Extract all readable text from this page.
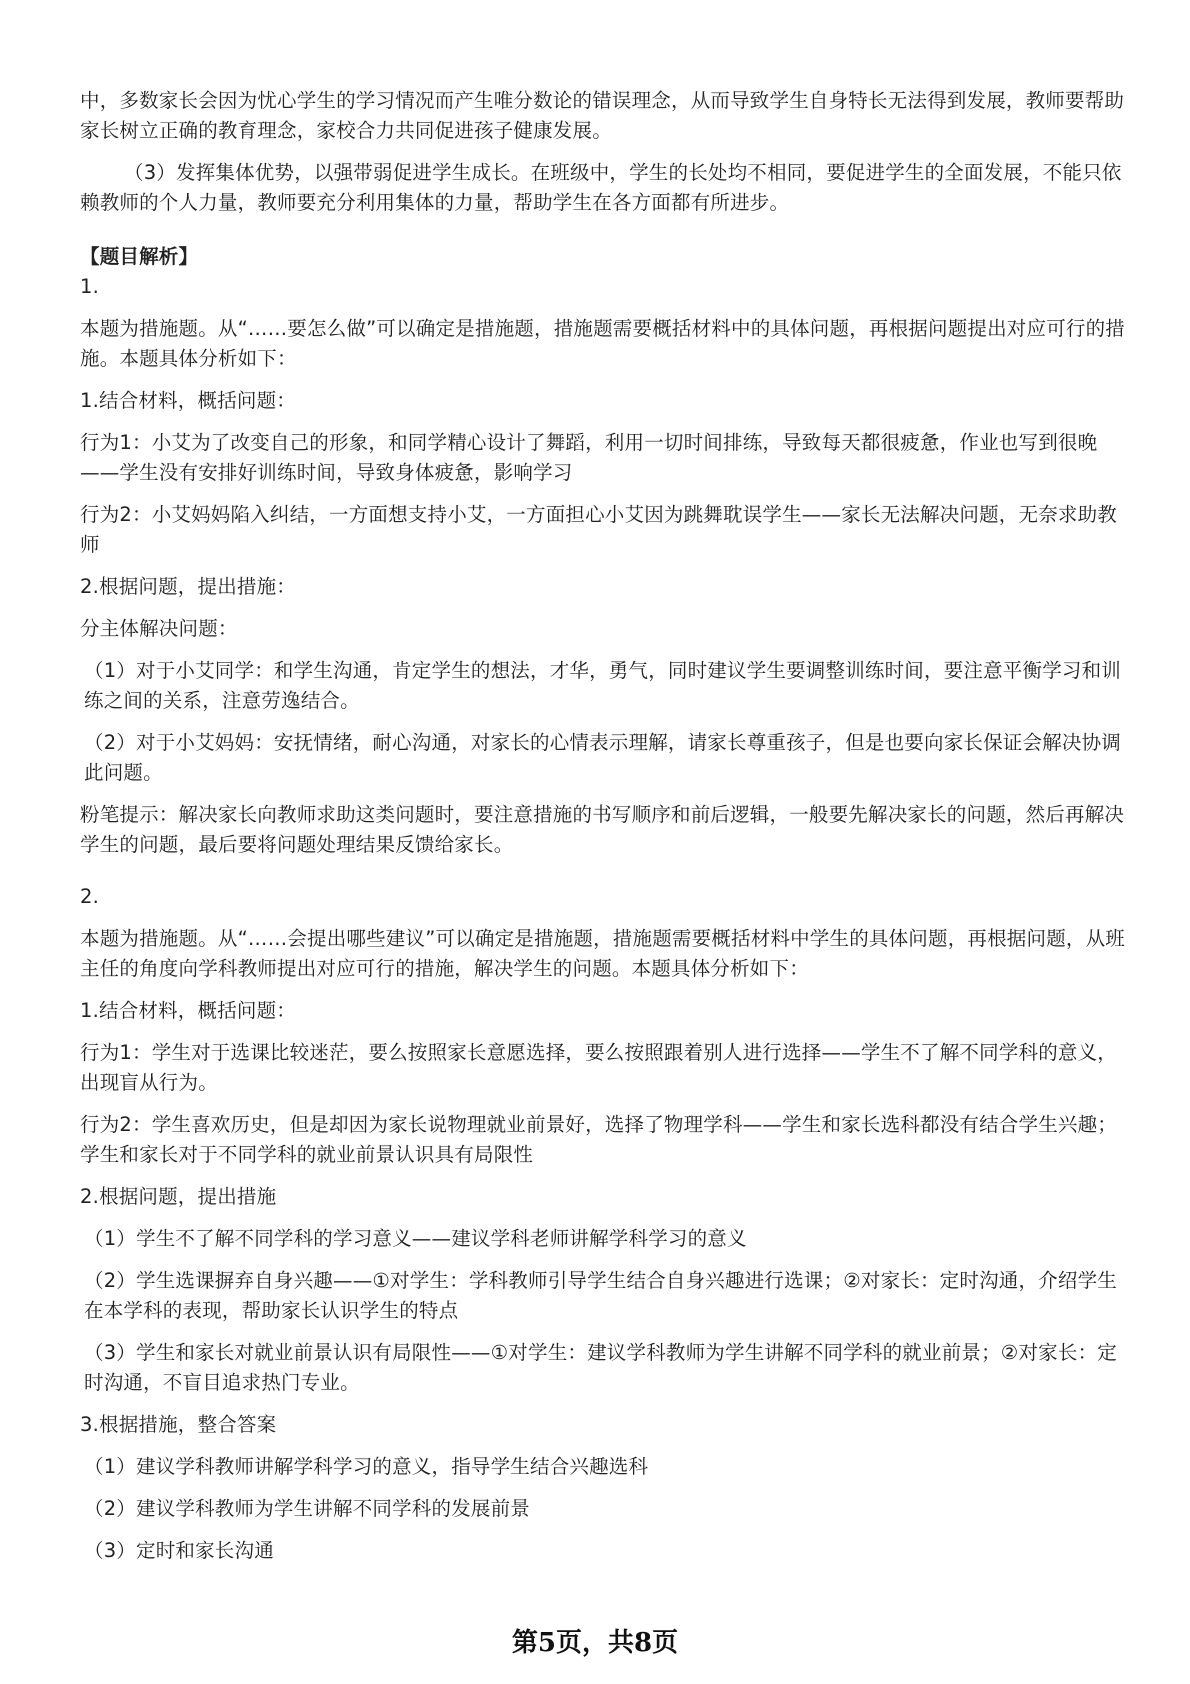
中，多数家长会因为忧心学生的学习情况而产生唯分数论的错误理念，从而导致学生自身特长无法得到发展，教师要帮助家长树立正确的教育理念，家校合力共同促进孩子健康发展。

（3）发挥集体优势，以强带弱促进学生成长。在班级中，学生的长处均不相同，要促进学生的全面发展，不能只依赖教师的个人力量，教师要充分利用集体的力量，帮助学生在各方面都有所进步。

【题目解析】

1.

本题为措施题。从“……要怎么做”可以确定是措施题，措施题需要概括材料中的具体问题，再根据问题提出对应可行的措施。本题具体分析如下：

1.结合材料，概括问题：

行为1：小艾为了改变自己的形象，和同学精心设计了舞蹈，利用一切时间排练，导致每天都很疲惫，作业也写到很晚——学生没有安排好训练时间，导致身体疲惫，影响学习

行为2：小艾妈妈陷入纠结，一方面想支持小艾，一方面担心小艾因为跳舞耽误学生——家长无法解决问题，无奈求助教师

2.根据问题，提出措施：

分主体解决问题：

（1）对于小艾同学：和学生沟通，肯定学生的想法，才华，勇气，同时建议学生要调整训练时间，要注意平衡学习和训练之间的关系，注意劳逸结合。

（2）对于小艾妈妈：安抚情绪，耐心沟通，对家长的心情表示理解，请家长尊重孩子，但是也要向家长保证会解决协调此问题。

粉笔提示：解决家长向教师求助这类问题时，要注意措施的书写顺序和前后逻辑，一般要先解决家长的问题，然后再解决学生的问题，最后要将问题处理结果反馈给家长。

2.

本题为措施题。从“……会提出哪些建议”可以确定是措施题，措施题需要概括材料中学生的具体问题，再根据问题，从班主任的角度向学科教师提出对应可行的措施，解决学生的问题。本题具体分析如下：

1.结合材料，概括问题：

行为1：学生对于选课比较迷茫，要么按照家长意愿选择，要么按照跟着别人进行选择——学生不了解不同学科的意义，出现盲从行为。

行为2：学生喜欢历史，但是却因为家长说物理就业前景好，选择了物理学科——学生和家长选科都没有结合学生兴趣；学生和家长对于不同学科的就业前景认识具有局限性

2.根据问题，提出措施

（1）学生不了解不同学科的学习意义——建议学科老师讲解学科学习的意义

（2）学生选课摒弃自身兴趣——①对学生：学科教师引导学生结合自身兴趣进行选课；②对家长：定时沟通，介绍学生在本学科的表现，帮助家长认识学生的特点

（3）学生和家长对就业前景认识有局限性——①对学生：建议学科教师为学生讲解不同学科的就业前景；②对家长：定时沟通，不盲目追求热门专业。

3.根据措施，整合答案

（1）建议学科教师讲解学科学习的意义，指导学生结合兴趣选科

（2）建议学科教师为学生讲解不同学科的发展前景

（3）定时和家长沟通

第5页，共8页
